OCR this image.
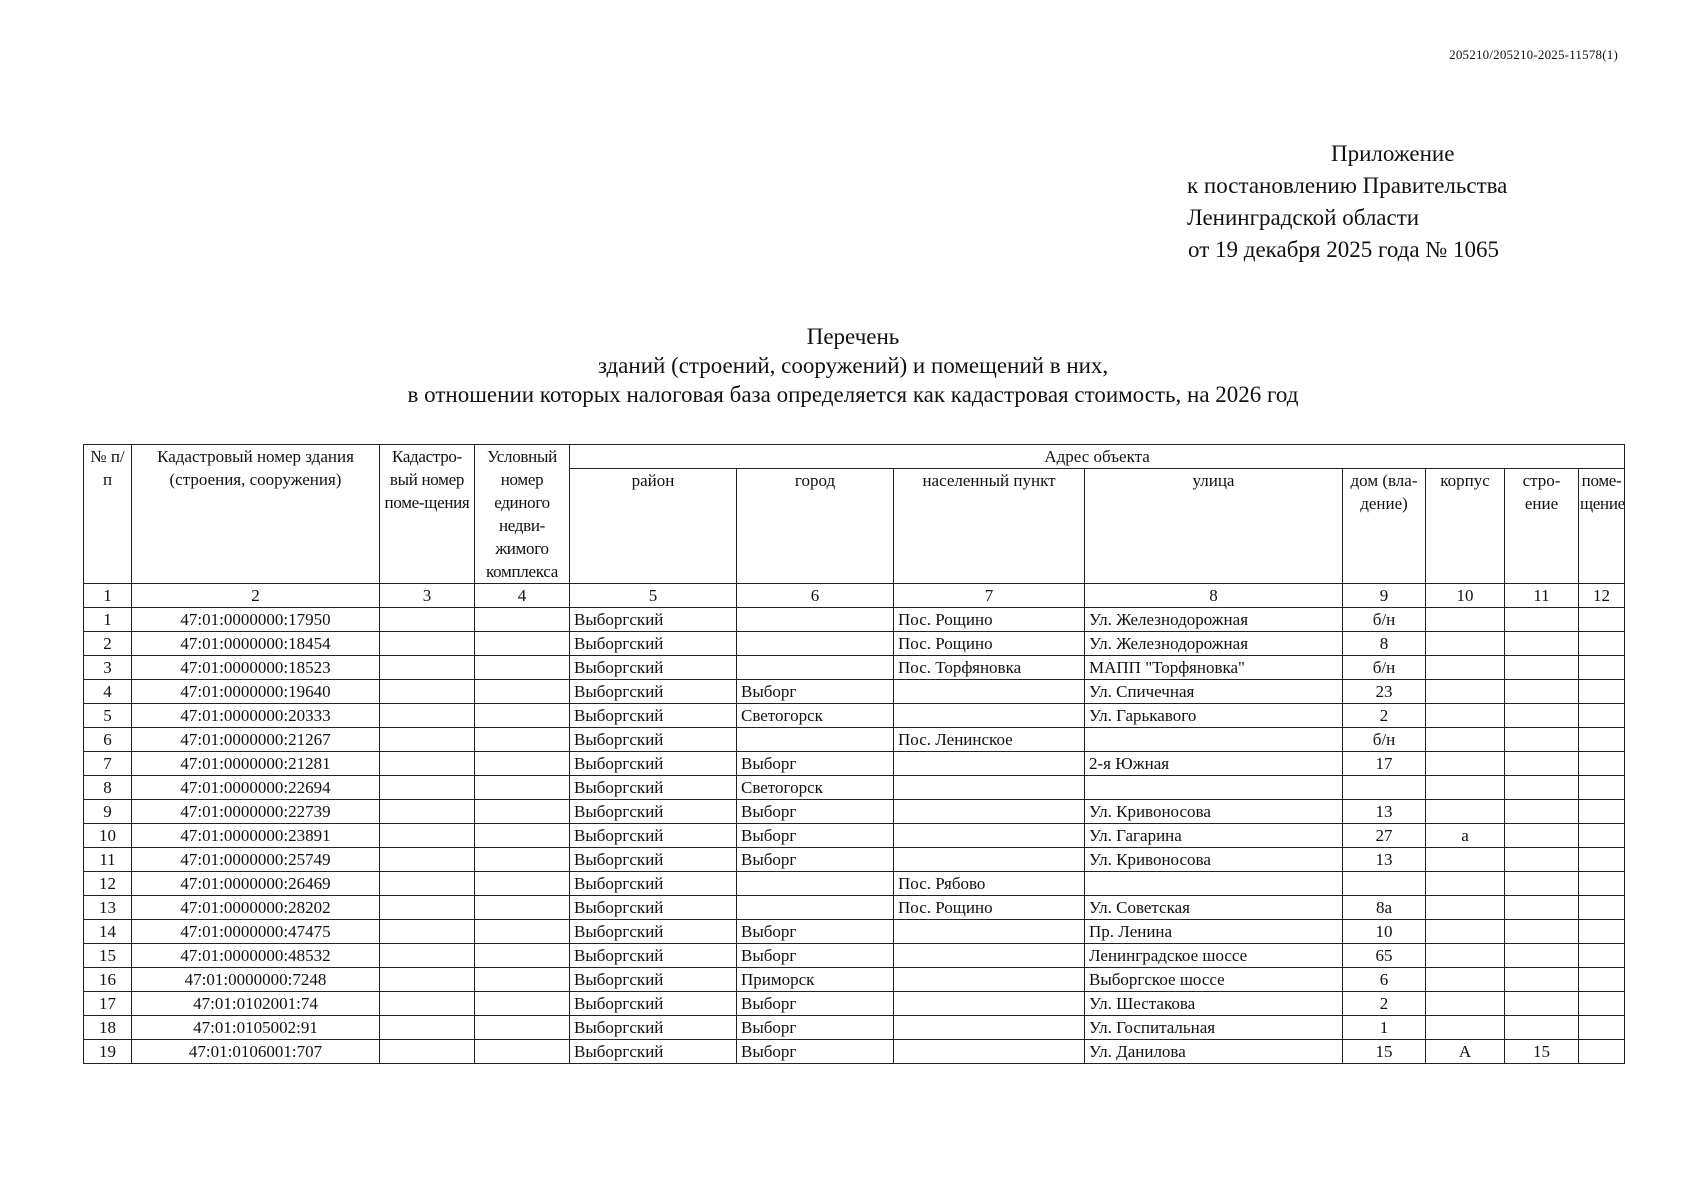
205210/205210-2025-11578(1)
Приложение
к постановлению Правительства
Ленинградской области
от 19 декабря 2025 года № 1065
Перечень
зданий (строений, сооружений) и помещений в них,
в отношении которых налоговая база определяется как кадастровая стоимость, на 2026 год
№ п/п	Кадастровый номер здания (строения, сооружения)	Кадастро-вый номер поме-щения	Условный номер единого недви-жимого комплекса	Адрес объекта							
				район	город	населенный пункт	улица	дом (вла-дение)	корпус	стро-ение	поме-щение
1	2	3	4	5	6	7	8	9	10	11	12
1	47:01:0000000:17950			Выборгский		Пос. Рощино	Ул. Железнодорожная	б/н			
2	47:01:0000000:18454			Выборгский		Пос. Рощино	Ул. Железнодорожная	8			
3	47:01:0000000:18523			Выборгский		Пос. Торфяновка	МАПП "Торфяновка"	б/н			
4	47:01:0000000:19640			Выборгский	Выборг		Ул. Спичечная	23			
5	47:01:0000000:20333			Выборгский	Светогорск		Ул. Гарькавого	2			
6	47:01:0000000:21267			Выборгский		Пос. Ленинское		б/н			
7	47:01:0000000:21281			Выборгский	Выборг		2-я Южная	17			
8	47:01:0000000:22694			Выборгский	Светогорск						
9	47:01:0000000:22739			Выборгский	Выборг		Ул. Кривоносова	13			
10	47:01:0000000:23891			Выборгский	Выборг		Ул. Гагарина	27	а		
11	47:01:0000000:25749			Выборгский	Выборг		Ул. Кривоносова	13			
12	47:01:0000000:26469			Выборгский		Пос. Рябово					
13	47:01:0000000:28202			Выборгский		Пос. Рощино	Ул. Советская	8а			
14	47:01:0000000:47475			Выборгский	Выборг		Пр. Ленина	10			
15	47:01:0000000:48532			Выборгский	Выборг		Ленинградское шоссе	65			
16	47:01:0000000:7248			Выборгский	Приморск		Выборгское шоссе	6			
17	47:01:0102001:74			Выборгский	Выборг		Ул. Шестакова	2			
18	47:01:0105002:91			Выборгский	Выборг		Ул. Госпитальная	1			
19	47:01:0106001:707			Выборгский	Выборг		Ул. Данилова	15	А	15	
